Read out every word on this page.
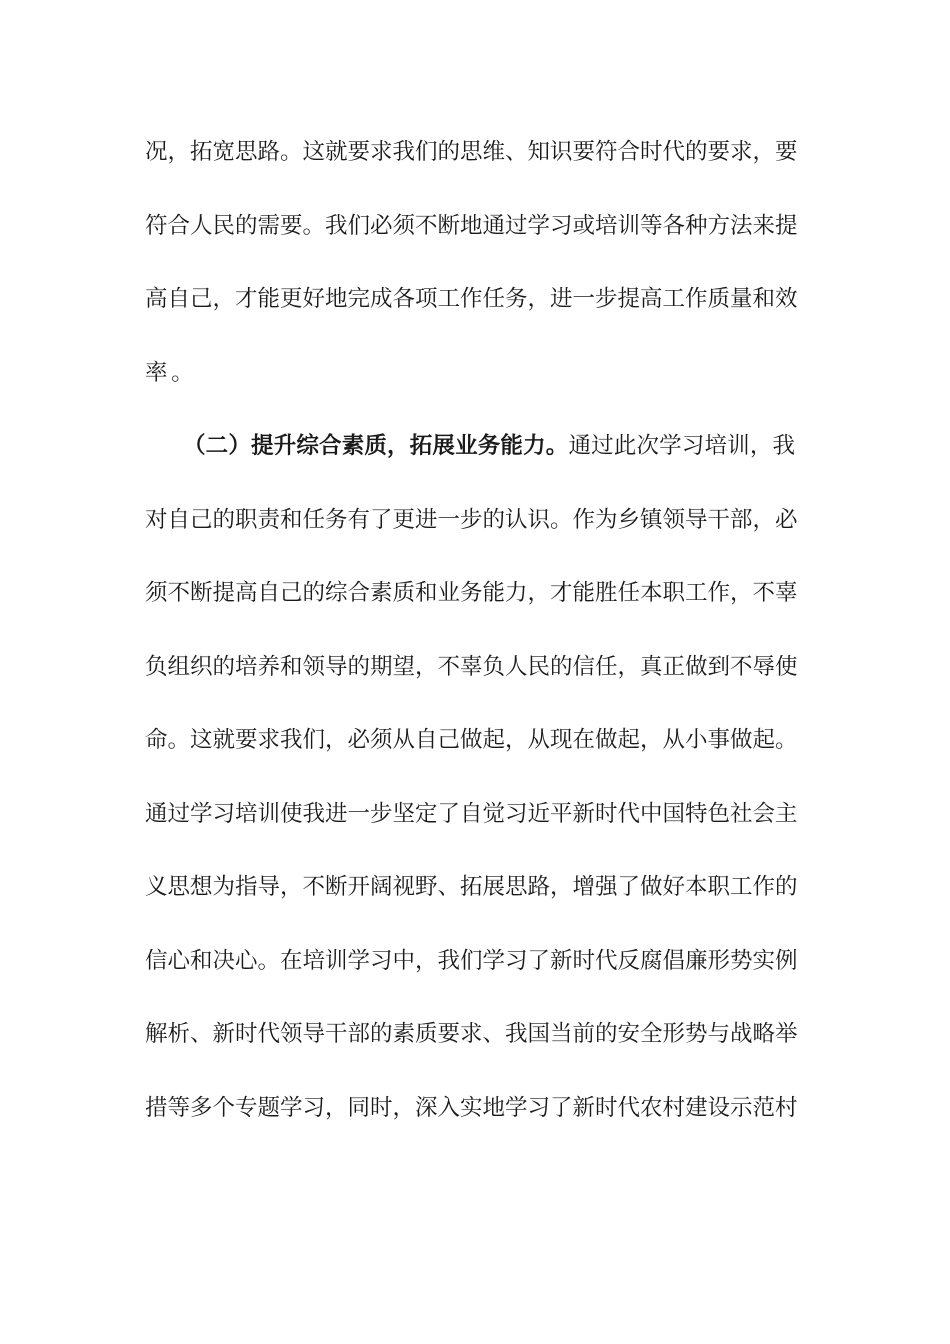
况，拓宽思路。这就要求我们的思维、知识要符合时代的要求，要
符合人民的需要。我们必须不断地通过学习或培训等各种方法来提
高自己，才能更好地完成各项工作任务，进一步提高工作质量和效
率。
（二）提升综合素质，拓展业务能力。通过此次学习培训，我
对自己的职责和任务有了更进一步的认识。作为乡镇领导干部，必
须不断提高自己的综合素质和业务能力，才能胜任本职工作，不辜
负组织的培养和领导的期望，不辜负人民的信任，真正做到不辱使
命。这就要求我们，必须从自己做起，从现在做起，从小事做起。
通过学习培训使我进一步坚定了自觉习近平新时代中国特色社会主
义思想为指导，不断开阔视野、拓展思路，增强了做好本职工作的
信心和决心。在培训学习中，我们学习了新时代反腐倡廉形势实例
解析、新时代领导干部的素质要求、我国当前的安全形势与战略举
措等多个专题学习，同时，深入实地学习了新时代农村建设示范村
